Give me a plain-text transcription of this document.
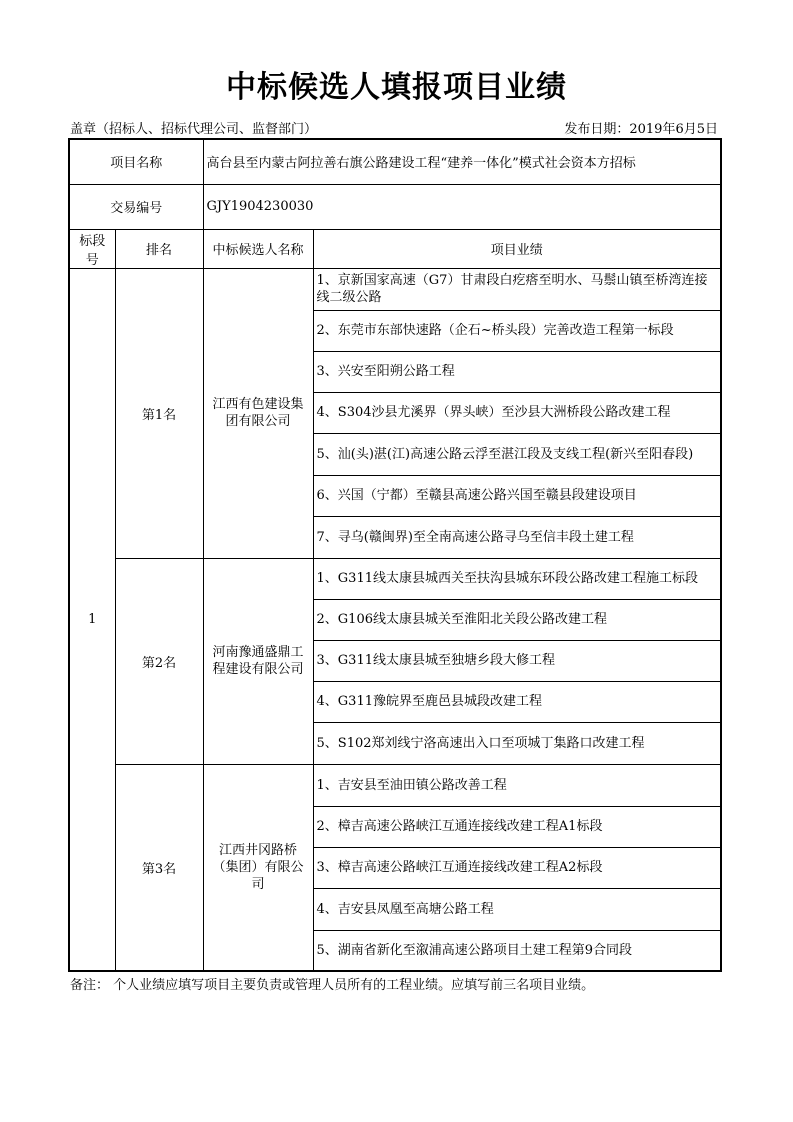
中标候选人填报项目业绩
盖章（招标人、招标代理公司、监督部门）	发布日期：2019年6月5日
项目名称		高台县至内蒙古阿拉善右旗公路建设工程“建养一体化”模式社会资本方招标	
交易编号		GJY1904230030	
标段号	排名	中标候选人名称	项目业绩
1	第1名	江西有色建设集团有限公司	1、京新国家高速（G7）甘肃段白疙瘩至明水、马鬃山镇至桥湾连接线二级公路
			2、东莞市东部快速路（企石~桥头段）完善改造工程第一标段
			3、兴安至阳朔公路工程
			4、S304沙县尤溪界（界头峡）至沙县大洲桥段公路改建工程
			5、汕(头)湛(江)高速公路云浮至湛江段及支线工程(新兴至阳春段)
			6、兴国（宁都）至赣县高速公路兴国至赣县段建设项目
			7、寻乌(赣闽界)至全南高速公路寻乌至信丰段土建工程
	第2名	河南豫通盛鼎工程建设有限公司	1、G311线太康县城西关至扶沟县城东环段公路改建工程施工标段
			2、G106线太康县城关至淮阳北关段公路改建工程
			3、G311线太康县城至独塘乡段大修工程
			4、G311豫皖界至鹿邑县城段改建工程
			5、S102郑刘线宁洛高速出入口至项城丁集路口改建工程
	第3名	江西井冈路桥（集团）有限公司	1、吉安县至油田镇公路改善工程
			2、樟吉高速公路峡江互通连接线改建工程A1标段
			3、樟吉高速公路峡江互通连接线改建工程A2标段
			4、吉安县凤凰至高塘公路工程
			5、湖南省新化至溆浦高速公路项目土建工程第9合同段
备注： 个人业绩应填写项目主要负责或管理人员所有的工程业绩。应填写前三名项目业绩。
